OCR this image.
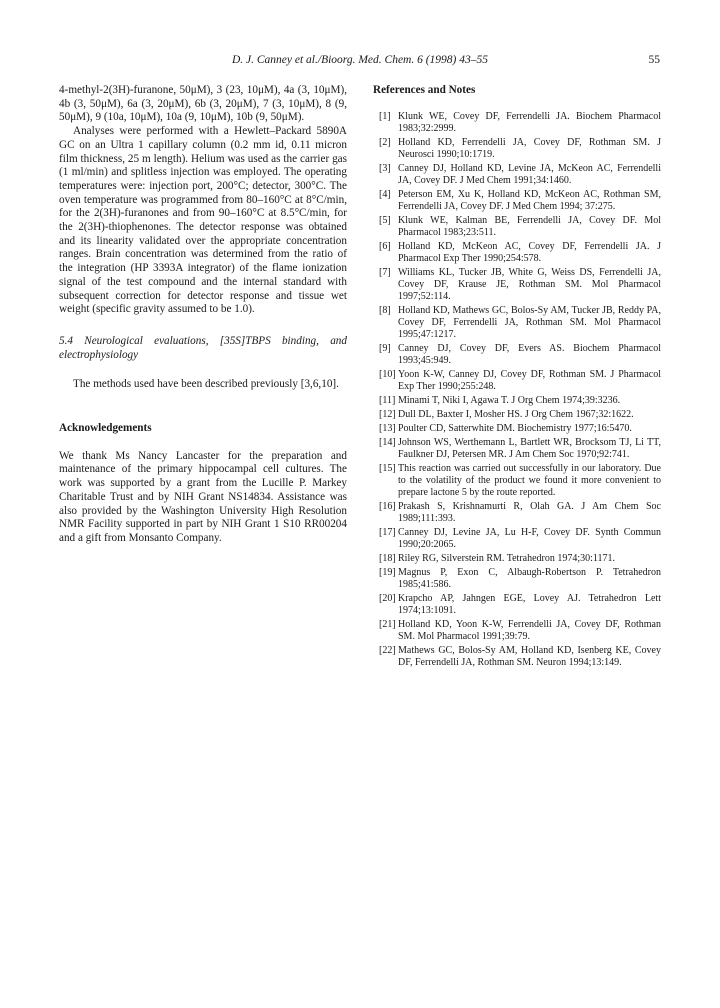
D. J. Canney et al./Bioorg. Med. Chem. 6 (1998) 43–55	55

4-methyl-2(3H)-furanone, 50μM), 3 (23, 10μM), 4a (3, 10μM), 4b (3, 50μM), 6a (3, 20μM), 6b (3, 20μM), 7 (3, 10μM), 8 (9, 50μM), 9 (10a, 10μM), 10a (9, 10μM), 10b (9, 50μM).

Analyses were performed with a Hewlett–Packard 5890A GC on an Ultra 1 capillary column (0.2 mm id, 0.11 micron film thickness, 25 m length). Helium was used as the carrier gas (1 ml/min) and splitless injection was employed. The operating temperatures were: injection port, 200°C; detector, 300°C. The oven temperature was programmed from 80–160°C at 8°C/min, for the 2(3H)-furanones and from 90–160°C at 8.5°C/min, for the 2(3H)-thiophenones. The detector response was obtained and its linearity validated over the appropriate concentration ranges. Brain concentration was determined from the ratio of the integration (HP 3393A integrator) of the flame ionization signal of the test compound and the internal standard with subsequent correction for detector response and tissue wet weight (specific gravity assumed to be 1.0).

5.4 Neurological evaluations, [35S]TBPS binding, and electrophysiology

The methods used have been described previously [3,6,10].

Acknowledgements

We thank Ms Nancy Lancaster for the preparation and maintenance of the primary hippocampal cell cultures. The work was supported by a grant from the Lucille P. Markey Charitable Trust and by NIH Grant NS14834. Assistance was also provided by the Washington University High Resolution NMR Facility supported in part by NIH Grant 1 S10 RR00204 and a gift from Monsanto Company.

References and Notes

[1] Klunk WE, Covey DF, Ferrendelli JA. Biochem Pharmacol 1983;32:2999.
[2] Holland KD, Ferrendelli JA, Covey DF, Rothman SM. J Neurosci 1990;10:1719.
[3] Canney DJ, Holland KD, Levine JA, McKeon AC, Ferrendelli JA, Covey DF. J Med Chem 1991;34:1460.
[4] Peterson EM, Xu K, Holland KD, McKeon AC, Rothman SM, Ferrendelli JA, Covey DF. J Med Chem 1994; 37:275.
[5] Klunk WE, Kalman BE, Ferrendelli JA, Covey DF. Mol Pharmacol 1983;23:511.
[6] Holland KD, McKeon AC, Covey DF, Ferrendelli JA. J Pharmacol Exp Ther 1990;254:578.
[7] Williams KL, Tucker JB, White G, Weiss DS, Ferrendelli JA, Covey DF, Krause JE, Rothman SM. Mol Pharmacol 1997;52:114.
[8] Holland KD, Mathews GC, Bolos-Sy AM, Tucker JB, Reddy PA, Covey DF, Ferrendelli JA, Rothman SM. Mol Pharmacol 1995;47:1217.
[9] Canney DJ, Covey DF, Evers AS. Biochem Pharmacol 1993;45:949.
[10] Yoon K-W, Canney DJ, Covey DF, Rothman SM. J Pharmacol Exp Ther 1990;255:248.
[11] Minami T, Niki I, Agawa T. J Org Chem 1974;39:3236.
[12] Dull DL, Baxter I, Mosher HS. J Org Chem 1967;32:1622.
[13] Poulter CD, Satterwhite DM. Biochemistry 1977;16:5470.
[14] Johnson WS, Werthemann L, Bartlett WR, Brocksom TJ, Li TT, Faulkner DJ, Petersen MR. J Am Chem Soc 1970;92:741.
[15] This reaction was carried out successfully in our laboratory. Due to the volatility of the product we found it more convenient to prepare lactone 5 by the route reported.
[16] Prakash S, Krishnamurti R, Olah GA. J Am Chem Soc 1989;111:393.
[17] Canney DJ, Levine JA, Lu H-F, Covey DF. Synth Commun 1990;20:2065.
[18] Riley RG, Silverstein RM. Tetrahedron 1974;30:1171.
[19] Magnus P, Exon C, Albaugh-Robertson P. Tetrahedron 1985;41:586.
[20] Krapcho AP, Jahngen EGE, Lovey AJ. Tetrahedron Lett 1974;13:1091.
[21] Holland KD, Yoon K-W, Ferrendelli JA, Covey DF, Rothman SM. Mol Pharmacol 1991;39:79.
[22] Mathews GC, Bolos-Sy AM, Holland KD, Isenberg KE, Covey DF, Ferrendelli JA, Rothman SM. Neuron 1994;13:149.
